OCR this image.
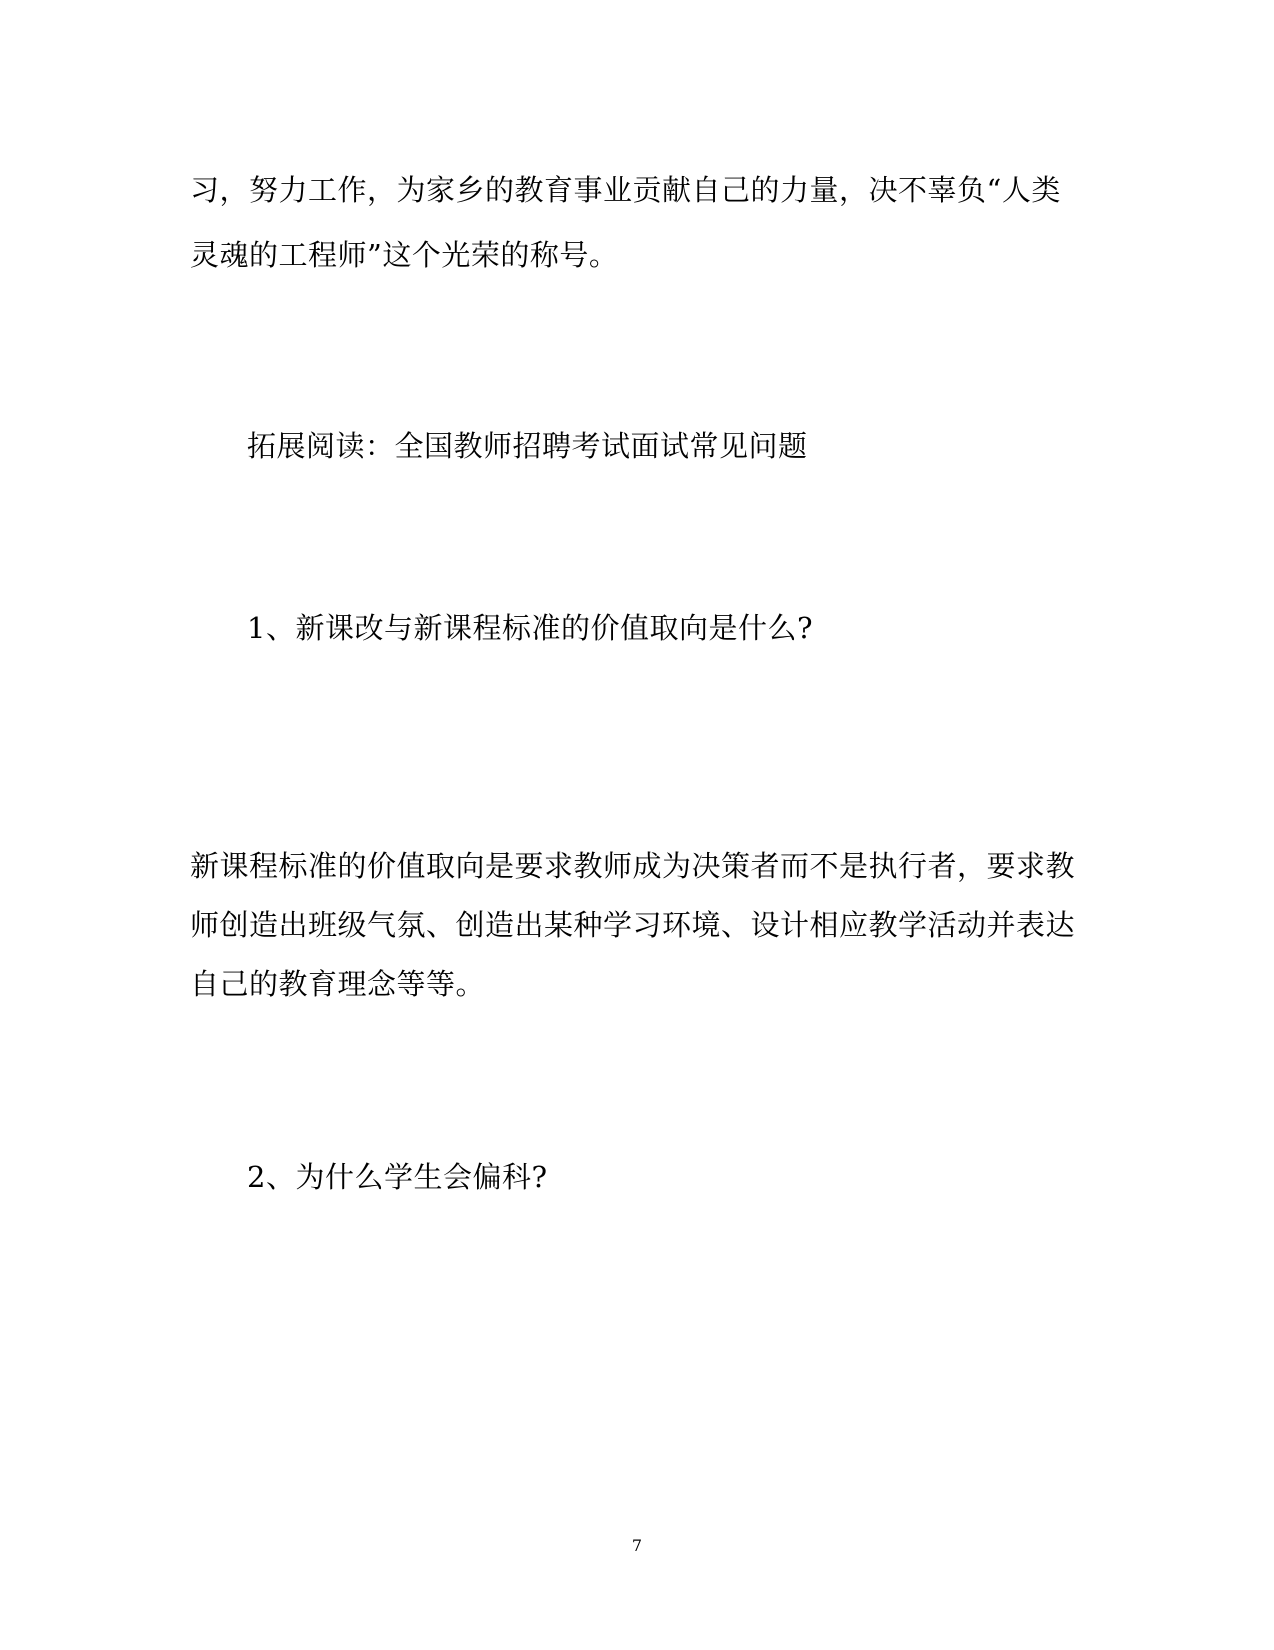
习，努力工作，为家乡的教育事业贡献自己的力量，决不辜负“人类
灵魂的工程师”这个光荣的称号。
拓展阅读：全国教师招聘考试面试常见问题
1、新课改与新课程标准的价值取向是什么?
新课程标准的价值取向是要求教师成为决策者而不是执行者，要求教
师创造出班级气氛、创造出某种学习环境、设计相应教学活动并表达
自己的教育理念等等。
2、为什么学生会偏科?
7
